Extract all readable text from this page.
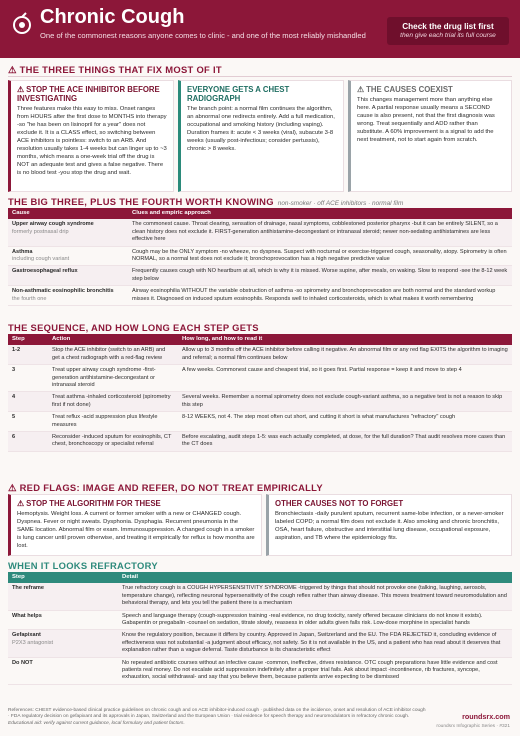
Chronic Cough
One of the commonest reasons anyone comes to clinic - and one of the most reliably mishandled
Check the drug list first
then give each trial its full course
⚠ THE THREE THINGS THAT FIX MOST OF IT
⚠ STOP THE ACE INHIBITOR BEFORE INVESTIGATING
Three features make this easy to miss. Onset ranges from HOURS after the first dose to MONTHS into therapy -so "he has been on lisinopril for a year" does not exclude it. It is a CLASS effect, so switching between ACE inhibitors is pointless: switch to an ARB. And resolution usually takes 1-4 weeks but can linger up to ~3 months, which means a one-week trial off the drug is NOT an adequate test and gives a false negative. There is no blood test -you stop the drug and wait.
EVERYONE GETS A CHEST RADIOGRAPH
The branch point: a normal film continues the algorithm, an abnormal one redirects entirely. Add a full medication, occupational and smoking history (including vaping). Duration frames it: acute < 3 weeks (viral), subacute 3-8 weeks (usually post-infectious; consider pertussis), chronic > 8 weeks.
⚠ THE CAUSES COEXIST
This changes management more than anything else here. A partial response usually means a SECOND cause is also present, not that the first diagnosis was wrong. Treat sequentially and ADD rather than substitute. A 60% improvement is a signal to add the next treatment, not to start again from scratch.
THE BIG THREE, PLUS THE FOURTH WORTH KNOWING non-smoker · off ACE inhibitors · normal film
Cause	Clues and empiric approach
Upper airway cough syndrome
formerly postnasal drip	The commonest cause. Throat clearing, sensation of drainage, nasal symptoms, cobblestoned posterior pharynx -but it can be entirely SILENT, so a clean history does not exclude it. FIRST-generation antihistamine-decongestant or intranasal steroid; newer non-sedating antihistamines are less effective here
Asthma
including cough variant	Cough may be the ONLY symptom -no wheeze, no dyspnea. Suspect with nocturnal or exercise-triggered cough, seasonality, atopy. Spirometry is often NORMAL, so a normal test does not exclude it; bronchoprovocation has a high negative predictive value
Gastroesophageal reflux	Frequently causes cough with NO heartburn at all, which is why it is missed. Worse supine, after meals, on waking. Slow to respond -see the 8-12 week step below
Non-asthmatic eosinophilic bronchitis
the fourth one	Airway eosinophilia WITHOUT the variable obstruction of asthma -so spirometry and bronchoprovocation are both normal and the standard workup misses it. Diagnosed on induced sputum eosinophils. Responds well to inhaled corticosteroids, which is what makes it worth remembering
THE SEQUENCE, AND HOW LONG EACH STEP GETS
Step	Action	How long, and how to read it
1-2	Stop the ACE inhibitor (switch to an ARB) and get a chest radiograph with a red-flag review	Allow up to 3 months off the ACE inhibitor before calling it negative. An abnormal film or any red flag EXITS the algorithm to imaging and referral; a normal film continues below
3	Treat upper airway cough syndrome -first-generation antihistamine-decongestant or intranasal steroid	A few weeks. Commonest cause and cheapest trial, so it goes first. Partial response = keep it and move to step 4
4	Treat asthma -inhaled corticosteroid (spirometry first if not done)	Several weeks. Remember a normal spirometry does not exclude cough-variant asthma, so a negative test is not a reason to skip this step
5	Treat reflux -acid suppression plus lifestyle measures	8-12 WEEKS, not 4. The step most often cut short, and cutting it short is what manufactures "refractory" cough
6	Reconsider -induced sputum for eosinophils, CT chest, bronchoscopy or specialist referral	Before escalating, audit steps 1-5: was each actually completed, at dose, for the full duration? That audit resolves more cases than the CT does
⚠ RED FLAGS: IMAGE AND REFER, DO NOT TREAT EMPIRICALLY
⚠ STOP THE ALGORITHM FOR THESE
Hemoptysis. Weight loss. A current or former smoker with a new or CHANGED cough. Dyspnea. Fever or night sweats. Dysphonia. Dysphagia. Recurrent pneumonia in the SAME location. Abnormal film or exam. Immunosuppression. A changed cough in a smoker is lung cancer until proven otherwise, and treating it empirically for reflux is how months are lost.
OTHER CAUSES NOT TO FORGET
Bronchiectasis -daily purulent sputum, recurrent same-lobe infection, or a never-smoker labeled COPD; a normal film does not exclude it. Also smoking and chronic bronchitis, OSA, heart failure, obstructive and interstitial lung disease, occupational exposure, aspiration, and TB where the epidemiology fits.
WHEN IT LOOKS REFRACTORY
Step	Detail
The reframe	True refractory cough is a COUGH HYPERSENSITIVITY SYNDROME -triggered by things that should not provoke one (talking, laughing, aerosols, temperature change), reflecting neuronal hypersensitivity of the cough reflex rather than airway disease. This moves treatment toward neuromodulation and behavioral therapy, and lets you tell the patient there is a mechanism
What helps	Speech and language therapy (cough-suppression training -real evidence, no drug toxicity, rarely offered because clinicians do not know it exists). Gabapentin or pregabalin -counsel on sedation, titrate slowly, reassess in older adults given falls risk. Low-dose morphine in specialist hands
Gefapixant
P2X3 antagonist	Know the regulatory position, because it differs by country. Approved in Japan, Switzerland and the EU. The FDA REJECTED it, concluding evidence of effectiveness was not substantial -a judgment about efficacy, not safety. So it is not available in the US, and a patient who has read about it deserves that explanation rather than a vague deferral. Taste disturbance is its characteristic effect
Do NOT	No repeated antibiotic courses without an infective cause -common, ineffective, drives resistance. OTC cough preparations have little evidence and cost patients real money. Do not escalate acid suppression indefinitely after a proper trial fails. Ask about impact -incontinence, rib fractures, syncope, exhaustion, social withdrawal- and say that you believe them, because patients arrive expecting to be dismissed
References: CHEST evidence-based clinical practice guidelines on chronic cough and on ACE inhibitor-induced cough · published data on the incidence, onset and resolution of ACE inhibitor cough · FDA regulatory decision on gefapixant and its approvals in Japan, Switzerland and the European Union · trial evidence for speech therapy and neuromodulators in refractory chronic cough.
Educational aid: verify against current guidance, local formulary and patient factors.
roundsrx.com
roundsrx Infographic Series · #321
